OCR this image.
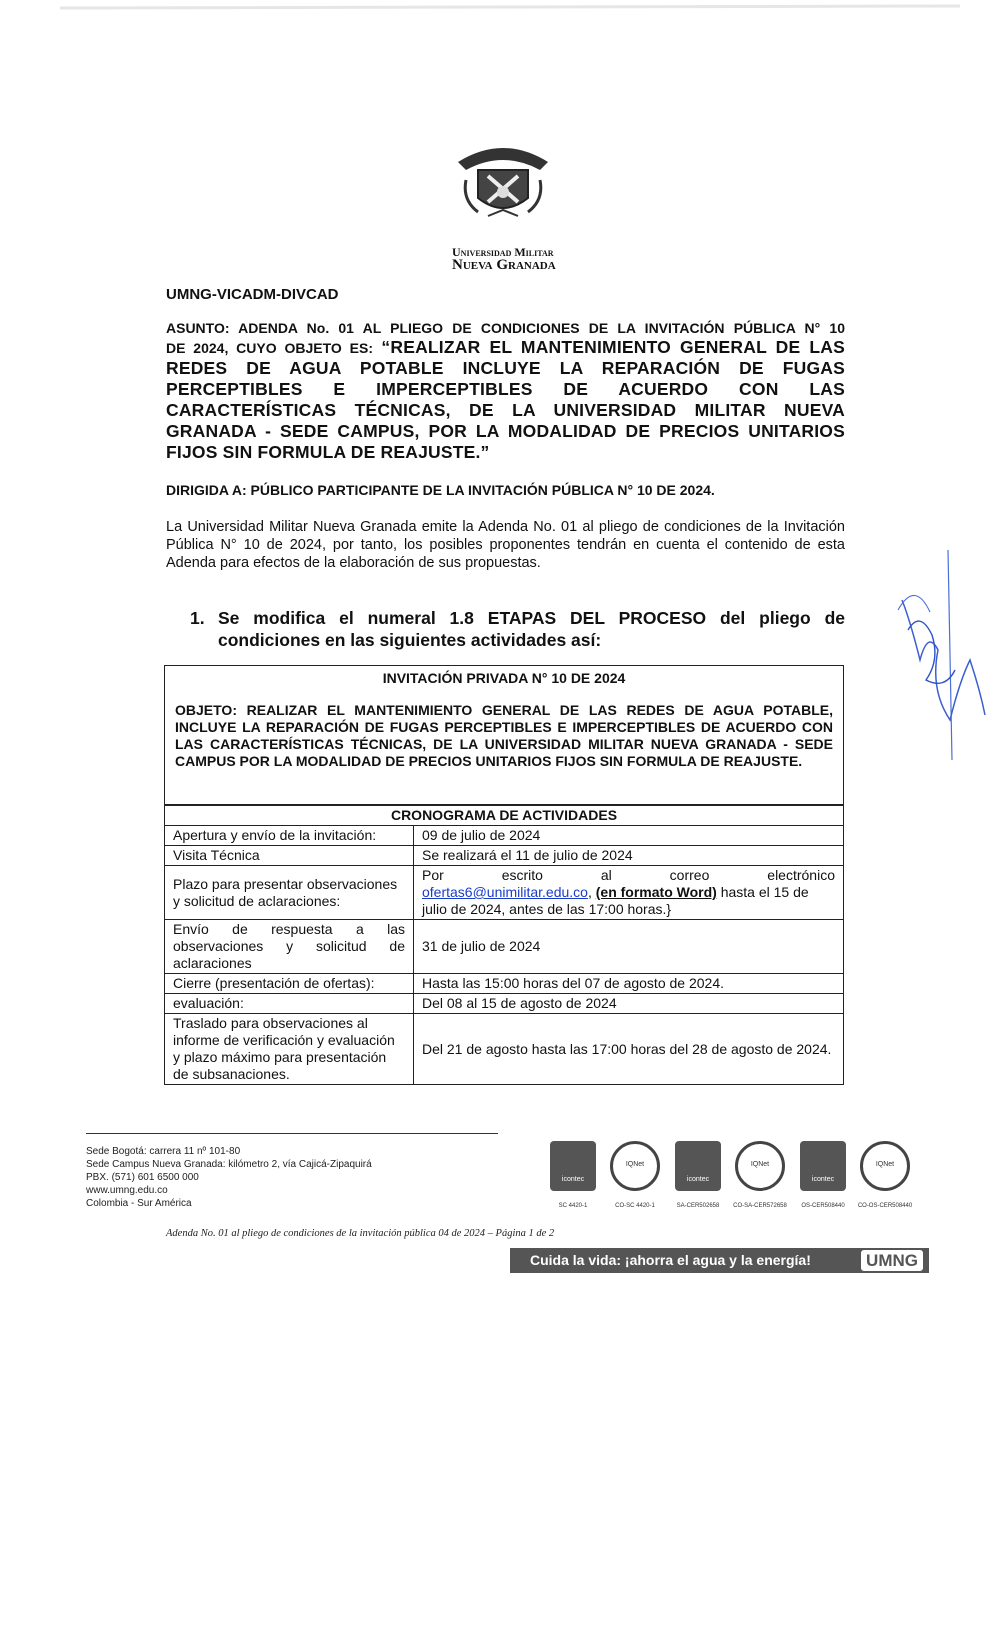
Universidad Militar
Nueva Granada
UMNG-VICADM-DIVCAD

ASUNTO: ADENDA No. 01 AL PLIEGO DE CONDICIONES DE LA INVITACIÓN PÚBLICA N° 10

DE 2024, CUYO OBJETO ES: “REALIZAR EL MANTENIMIENTO GENERAL DE LAS REDES DE AGUA POTABLE INCLUYE LA REPARACIÓN DE FUGAS PERCEPTIBLES E IMPERCEPTIBLES DE ACUERDO CON LAS CARACTERÍSTICAS TÉCNICAS, DE LA UNIVERSIDAD MILITAR NUEVA GRANADA - SEDE CAMPUS, POR LA MODALIDAD DE PRECIOS UNITARIOS

FIJOS SIN FORMULA DE REAJUSTE.”

DIRIGIDA A: PÚBLICO PARTICIPANTE DE LA INVITACIÓN PÚBLICA N° 10 DE 2024.
La Universidad Militar Nueva Granada emite la Adenda No. 01 al pliego de condiciones de la Invitación Pública N° 10 de 2024, por tanto, los posibles proponentes tendrán en cuenta el contenido de esta Adenda para efectos de la elaboración de sus propuestas.
1. Se modifica el numeral 1.8 ETAPAS DEL PROCESO del pliego de condiciones en las siguientes actividades así:
INVITACIÓN PRIVADA N° 10 DE 2024
OBJETO: REALIZAR EL MANTENIMIENTO GENERAL DE LAS REDES DE AGUA POTABLE, INCLUYE LA REPARACIÓN DE FUGAS PERCEPTIBLES E IMPERCEPTIBLES DE ACUERDO CON LAS CARACTERÍSTICAS TÉCNICAS, DE LA UNIVERSIDAD MILITAR NUEVA GRANADA - SEDE CAMPUS POR LA MODALIDAD DE PRECIOS UNITARIOS FIJOS SIN FORMULA DE REAJUSTE.
CRONOGRAMA DE ACTIVIDADES	
Apertura y envío de la invitación:	09 de julio de 2024
Visita Técnica	Se realizará el 11 de julio de 2024
Plazo para presentar observaciones y solicitud de aclaraciones:	Por escrito al correo electrónico
ofertas6@unimilitar.edu.co, (en formato Word) hasta el 15 de julio de 2024, antes de las 17:00 horas.}
Envío de respuesta a las observaciones y solicitud de aclaraciones	31 de julio de 2024
Cierre (presentación de ofertas):	Hasta las 15:00 horas del 07 de agosto de 2024.
evaluación:	Del 08 al 15 de agosto de 2024
Traslado para observaciones al informe de verificación y evaluación y plazo máximo para presentación de subsanaciones.	Del 21 de agosto hasta las 17:00 horas del 28 de agosto de 2024.
Sede Bogotá: carrera 11 nº 101-80
Sede Campus Nueva Granada: kilómetro 2, vía Cajicá-Zipaquirá
PBX. (571) 601 6500 000
www.umng.edu.co
Colombia - Sur América
icontec
SC 4420-1
IQNet
CO-SC 4420-1
icontec
SA-CER502658
IQNet
CO-SA-CER572658
icontec
OS-CER508440
IQNet
CO-OS-CER508440
Adenda No. 01 al pliego de condiciones de la invitación pública 04 de 2024 – Página 1 de 2
Cuida la vida: ¡ahorra el agua y la energía!	UMNG
